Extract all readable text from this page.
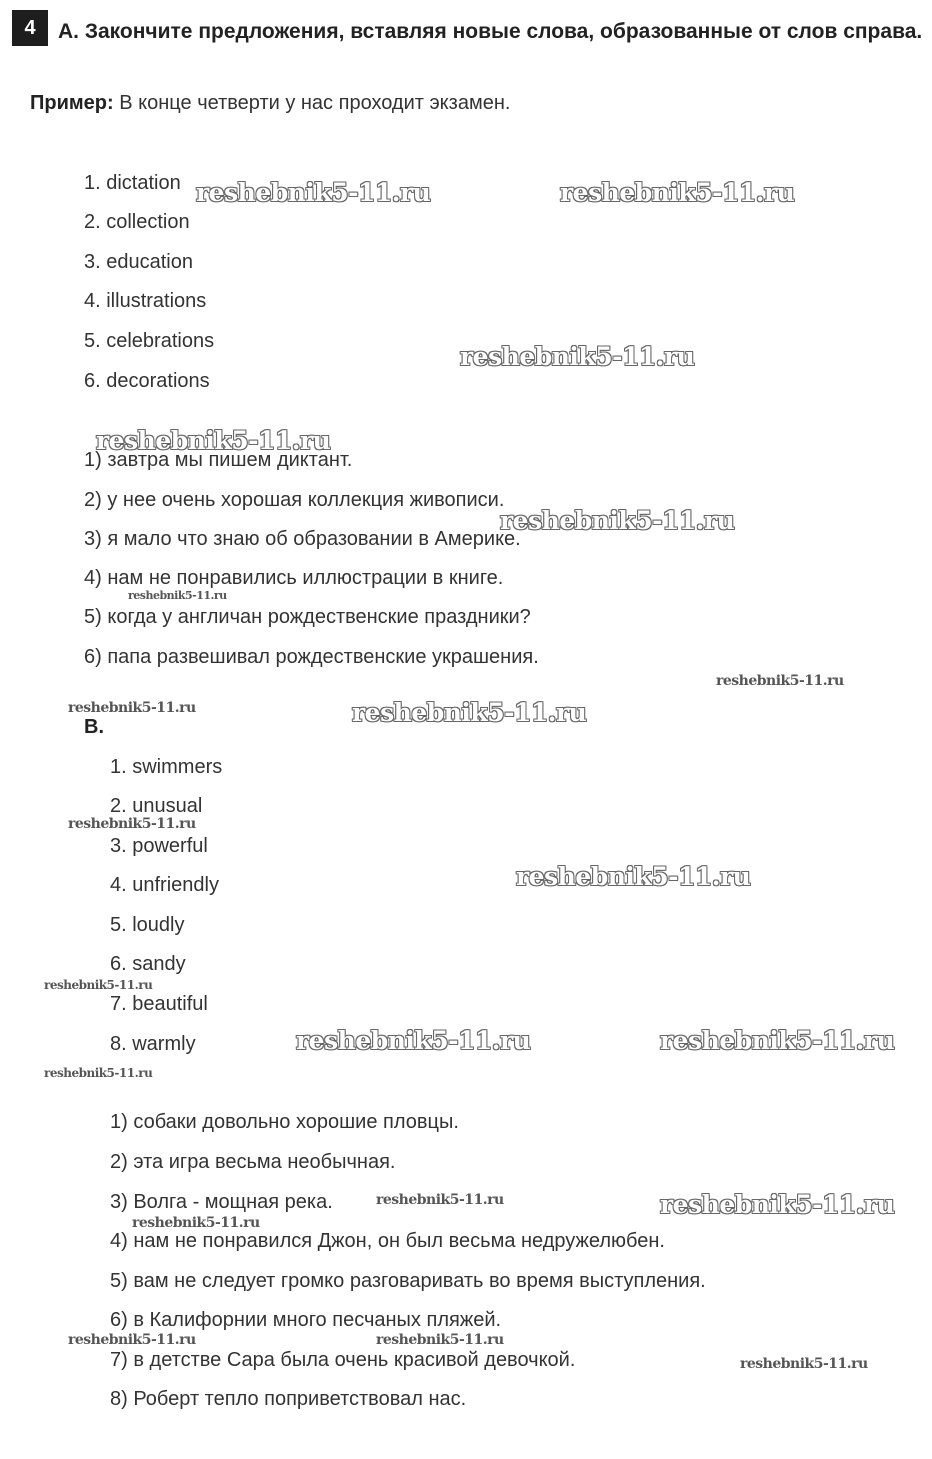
4	A. Закончите предложения, вставляя новые слова, образованные от слов справа.

Пример: В конце четверти у нас проходит экзамен.

1. dictation

2. collection

3. education

4. illustrations

5. celebrations

6. decorations

1) завтра мы пишем диктант.

2) у нее очень хорошая коллекция живописи.

3) я мало что знаю об образовании в Америке.

4) нам не понравились иллюстрации в книге.

5) когда у англичан рождественские праздники?

6) папа развешивал рождественские украшения.

B.

1. swimmers

2. unusual

3. powerful

4. unfriendly

5. loudly

6. sandy

7. beautiful

8. warmly

1) собаки довольно хорошие пловцы.

2) эта игра весьма необычная.

3) Волга - мощная река.

4) нам не понравился Джон, он был весьма недружелюбен.

5) вам не следует громко разговаривать во время выступления.

6) в Калифорнии много песчаных пляжей.

7) в детстве Сара была очень красивой девочкой.

8) Роберт тепло поприветствовал нас.

reshebnik5-11.ru	reshebnik5-11.ru
reshebnik5-11.ru
reshebnik5-11.ru
reshebnik5-11.ru
reshebnik5-11.ru
reshebnik5-11.ru
reshebnik5-11.ru	reshebnik5-11.ru
reshebnik5-11.ru
reshebnik5-11.ru
reshebnik5-11.ru
reshebnik5-11.ru	reshebnik5-11.ru
reshebnik5-11.ru
reshebnik5-11.ru	reshebnik5-11.ru
reshebnik5-11.ru
reshebnik5-11.ru	reshebnik5-11.ru
reshebnik5-11.ru
